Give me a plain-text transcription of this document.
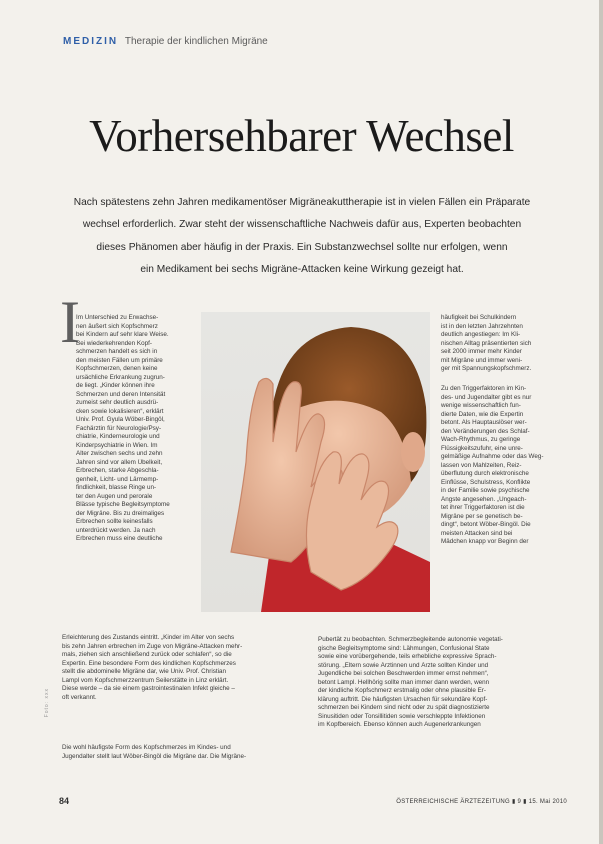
MEDIZIN Therapie der kindlichen Migräne
Vorhersehbarer Wechsel
Nach spätestens zehn Jahren medikamentöser Migräneakuttherapie ist in vielen Fällen ein Präparate
wechsel erforderlich. Zwar steht der wissenschaftliche Nachweis dafür aus, Experten beobachten
dieses Phänomen aber häufig in der Praxis. Ein Substanzwechsel sollte nur erfolgen, wenn
ein Medikament bei sechs Migräne-Attacken keine Wirkung gezeigt hat.
I
Im Unterschied zu Erwachse-
nen äußert sich Kopfschmerz
bei Kindern auf sehr klare Weise.
Bei wiederkehrenden Kopf-
schmerzen handelt es sich in
den meisten Fällen um primäre
Kopfschmerzen, denen keine
ursächliche Erkrankung zugrun-
de liegt. „Kinder können ihre
Schmerzen und deren Intensität
zumeist sehr deutlich ausdrü-
cken sowie lokalisieren“, erklärt
Univ. Prof. Gyula Wöber-Bingöl,
Fachärztin für Neurologie/Psy-
chiatrie, Kinderneurologie und
Kinderpsychiatrie in Wien. Im
Alter zwischen sechs und zehn
Jahren sind vor allem Übelkeit,
Erbrechen, starke Abgeschla-
genheit, Licht- und Lärmemp-
findlichkeit, blasse Ringe un-
ter den Augen und perorale
Blässe typische Begleitsymptome
der Migräne. Bis zu dreimaliges
Erbrechen sollte keinesfalls
unterdrückt werden. Ja nach
Erbrechen muss eine deutliche
Erleichterung des Zustands eintritt. „Kinder im Alter von sechs
bis zehn Jahren erbrechen im Zuge von Migräne-Attacken mehr-
mals, ziehen sich anschließend zurück oder schlafen“, so die
Expertin. Eine besondere Form des kindlichen Kopfschmerzes
stellt die abdominelle Migräne dar, wie Univ. Prof. Christian
Lampl vom Kopfschmerzzentrum Seilerstätte in Linz erklärt.
Diese werde – da sie einem gastrointestinalen Infekt gleiche –
oft verkannt.
Die wohl häufigste Form des Kopfschmerzes im Kindes- und
Jugendalter stellt laut Wöber-Bingöl die Migräne dar. Die Migräne-
Pubertät zu beobachten. Schmerzbegleitende autonomie vegetati-
gische Begleitsymptome sind: Lähmungen, Confusional State
sowie eine vorübergehende, teils erhebliche expressive Sprach-
störung. „Eltern sowie Ärztinnen und Ärzte sollten Kinder und
Jugendliche bei solchen Beschwerden immer ernst nehmen“,
betont Lampl. Hellhörig sollte man immer dann werden, wenn
der kindliche Kopfschmerz erstmalig oder ohne plausible Er-
klärung auftritt. Die häufigsten Ursachen für sekundäre Kopf-
schmerzen bei Kindern sind nicht oder zu spät diagnostizierte
Sinusitiden oder Tonsillitiden sowie verschleppte Infektionen
im Kopfbereich. Ebenso können auch Augenerkrankungen
häufigkeit bei Schulkindern
ist in den letzten Jahrzehnten
deutlich angestiegen: Im Kli-
nischen Alltag präsentierten sich
seit 2000 immer mehr Kinder
mit Migräne und immer weni-
ger mit Spannungskopfschmerz.
Zu den Triggerfaktoren im Kin-
des- und Jugendalter gibt es nur
wenige wissenschaftlich fun-
dierte Daten, wie die Expertin
betont. Als Hauptauslöser wer-
den Veränderungen des Schlaf-
Wach-Rhythmus, zu geringe
Flüssigkeitszufuhr, eine unre-
gelmäßige Aufnahme oder das Weg-
lassen von Mahlzeiten, Reiz-
überflutung durch elektronische
Einflüsse, Schulstress, Konflikte
in der Familie sowie psychische
Ängste angesehen. „Ungeach-
tet ihrer Triggerfaktoren ist die
Migräne per se genetisch be-
dingt“, betont Wöber-Bingöl. Die
meisten Attacken sind bei
Mädchen knapp vor Beginn der
Foto: xxx
84	ÖSTERREICHISCHE ÄRZTEZEITUNG ▮ 9 ▮ 15. Mai 2010
